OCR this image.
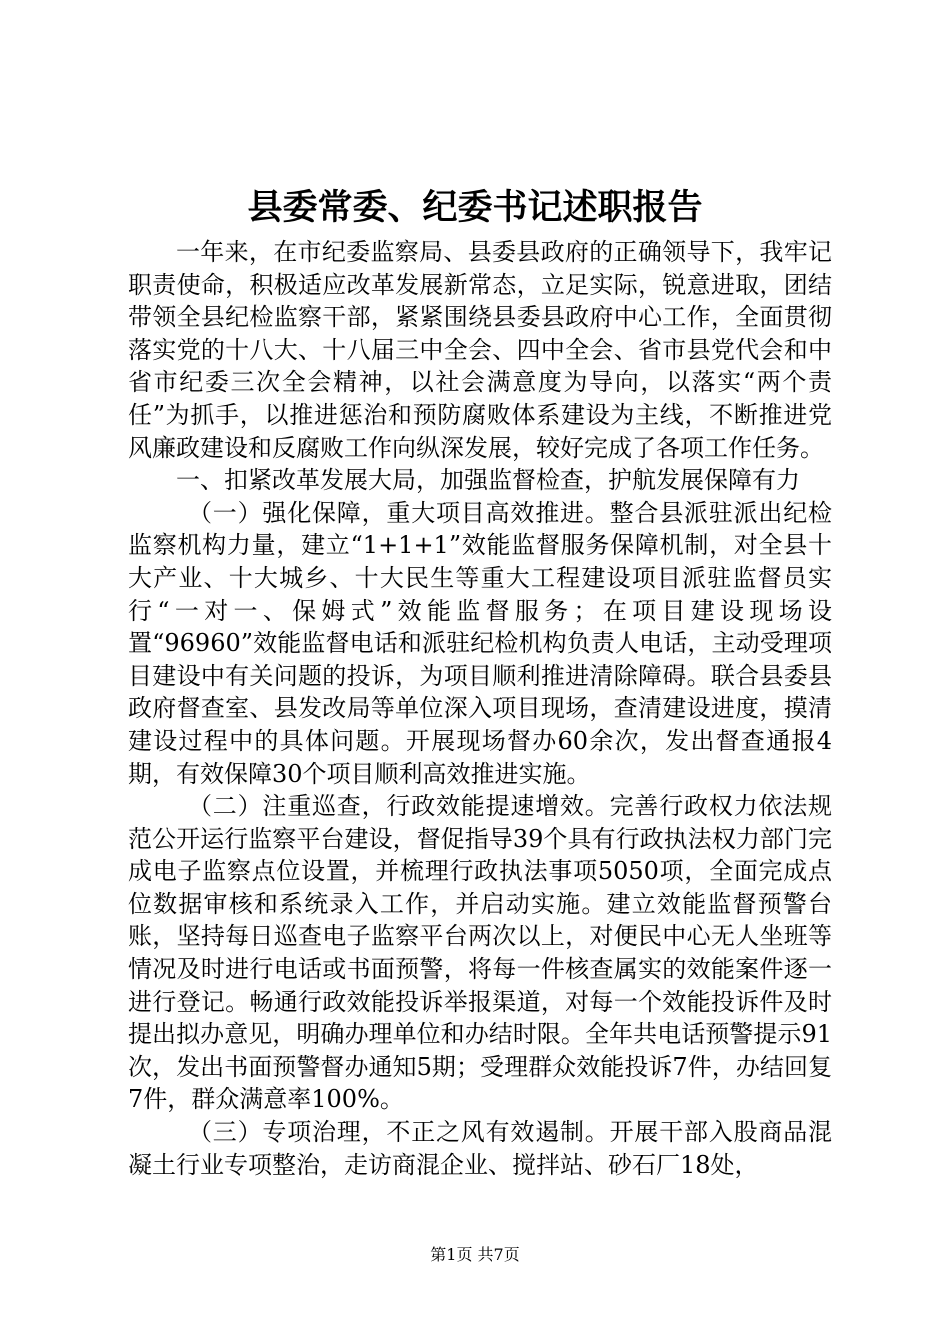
县委常委、纪委书记述职报告

一年来，在市纪委监察局、县委县政府的正确领导下，我牢记职责使命，积极适应改革发展新常态，立足实际，锐意进取，团结带领全县纪检监察干部，紧紧围绕县委县政府中心工作，全面贯彻落实党的十八大、十八届三中全会、四中全会、省市县党代会和中省市纪委三次全会精神，以社会满意度为导向，以落实“两个责任”为抓手，以推进惩治和预防腐败体系建设为主线，不断推进党风廉政建设和反腐败工作向纵深发展，较好完成了各项工作任务。

一、扣紧改革发展大局，加强监督检查，护航发展保障有力

（一）强化保障，重大项目高效推进。整合县派驻派出纪检监察机构力量，建立“1+1+1”效能监督服务保障机制，对全县十大产业、十大城乡、十大民生等重大工程建设项目派驻监督员实行“一对一、保姆式”效能监督服务；在项目建设现场设置“96960”效能监督电话和派驻纪检机构负责人电话，主动受理项目建设中有关问题的投诉，为项目顺利推进清除障碍。联合县委县政府督查室、县发改局等单位深入项目现场，查清建设进度，摸清建设过程中的具体问题。开展现场督办60余次，发出督查通报4期，有效保障30个项目顺利高效推进实施。

（二）注重巡查，行政效能提速增效。完善行政权力依法规范公开运行监察平台建设，督促指导39个具有行政执法权力部门完成电子监察点位设置，并梳理行政执法事项5050项，全面完成点位数据审核和系统录入工作，并启动实施。建立效能监督预警台账，坚持每日巡查电子监察平台两次以上，对便民中心无人坐班等情况及时进行电话或书面预警，将每一件核查属实的效能案件逐一进行登记。畅通行政效能投诉举报渠道，对每一个效能投诉件及时提出拟办意见，明确办理单位和办结时限。全年共电话预警提示91次，发出书面预警督办通知5期；受理群众效能投诉7件，办结回复7件，群众满意率100%。

（三）专项治理，不正之风有效遏制。开展干部入股商品混凝土行业专项整治，走访商混企业、搅拌站、砂石厂18处，

第1页 共7页
